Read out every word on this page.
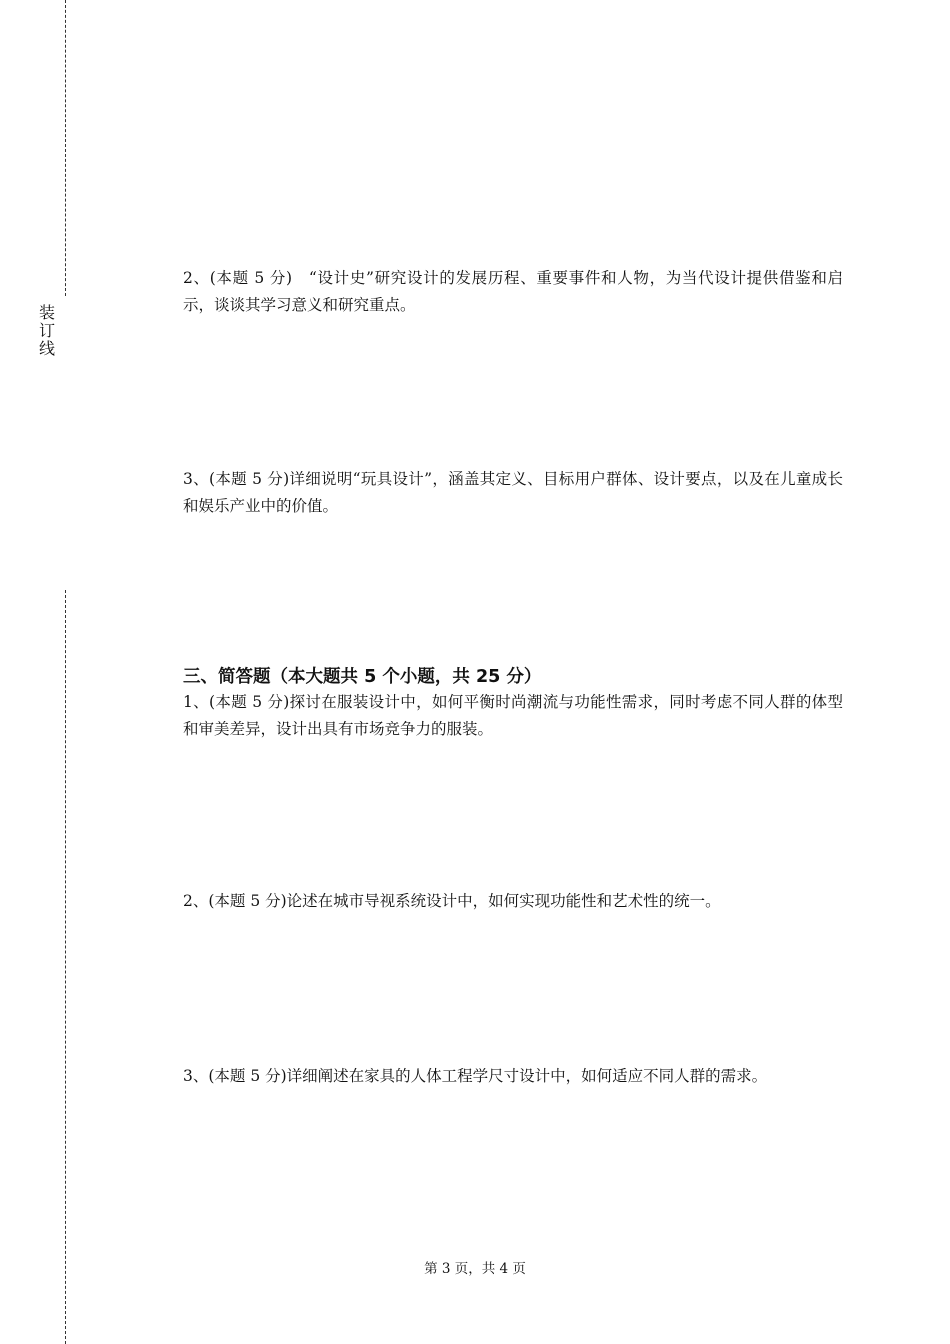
装
订
线

2、(本题 5 分)　“设计史”研究设计的发展历程、重要事件和人物，为当代设计提供借鉴和启示，谈谈其学习意义和研究重点。

3、(本题 5 分)详细说明“玩具设计”，涵盖其定义、目标用户群体、设计要点，以及在儿童成长和娱乐产业中的价值。

三、简答题（本大题共 5 个小题，共 25 分）

1、(本题 5 分)探讨在服装设计中，如何平衡时尚潮流与功能性需求，同时考虑不同人群的体型和审美差异，设计出具有市场竞争力的服装。

2、(本题 5 分)论述在城市导视系统设计中，如何实现功能性和艺术性的统一。

3、(本题 5 分)详细阐述在家具的人体工程学尺寸设计中，如何适应不同人群的需求。

第 3 页，共 4 页
